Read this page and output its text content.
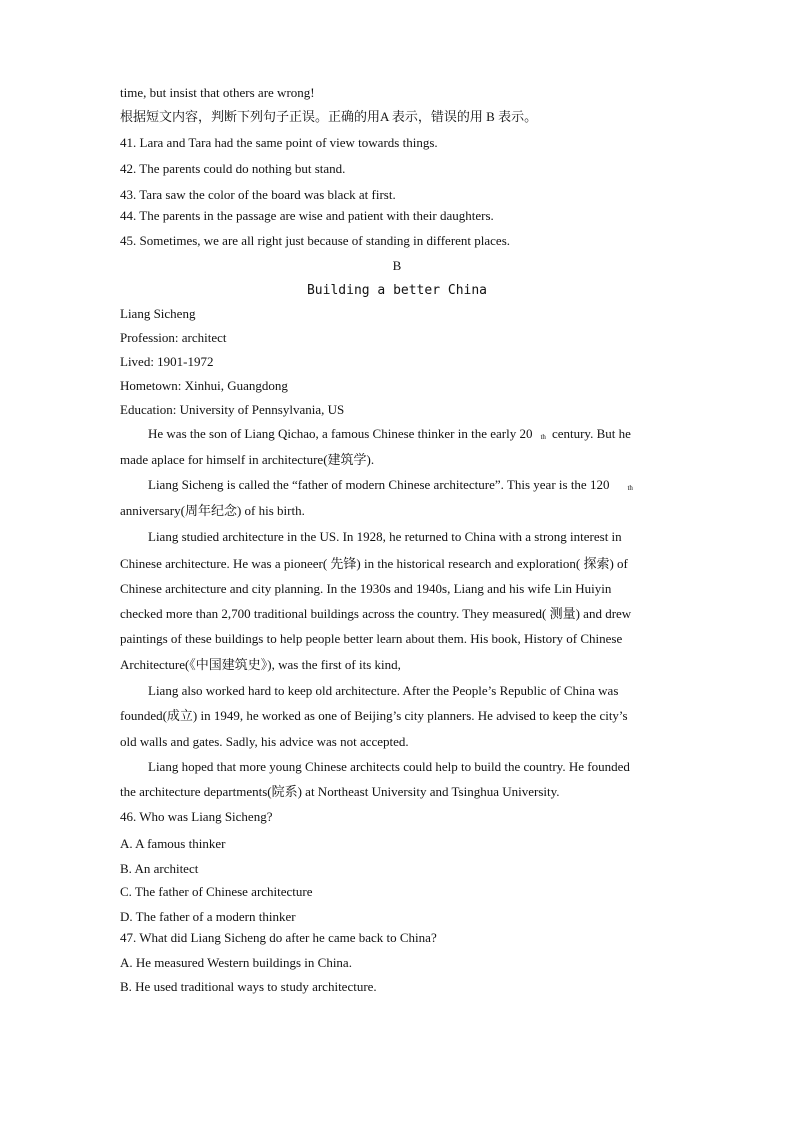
time, but insist that others are wrong!
根据短文内容，判断下列句子正误。正确的用A 表示，错误的用 B 表示。
41. Lara and Tara had the same point of view towards things.
42. The parents could do nothing but stand.
43. Tara saw the color of the board was black at first.
44. The parents in the passage are wise and patient with their daughters.
45. Sometimes, we are all right just because of standing in different places.
B
Building a better China
Liang Sicheng
Profession: architect
Lived: 1901-1972
Hometown: Xinhui, Guangdong
Education: University of Pennsylvania, US
He was the son of Liang Qichao, a famous Chinese thinker in the early 20 $^{th}$ century. But he
made aplace for himself in architecture(建筑学).
Liang Sicheng is called the “father of modern Chinese architecture”. This year is the 120	$^{th}$
anniversary(周年纪念) of his birth.
Liang studied architecture in the US. In 1928, he returned to China with a strong interest in
Chinese architecture. He was a pioneer( 先锋) in the historical research and exploration( 探索) of
Chinese architecture and city planning. In the 1930s and 1940s, Liang and his wife Lin Huiyin
checked more than 2,700 traditional buildings across the country. They measured( 测量) and drew
paintings of these buildings to help people better learn about them. His book, History of Chinese
Architecture(《中国建筑史》), was the first of its kind,
Liang also worked hard to keep old architecture. After the People’s Republic of China was
founded(成立) in 1949, he worked as one of Beijing’s city planners. He advised to keep the city’s
old walls and gates. Sadly, his advice was not accepted.
Liang hoped that more young Chinese architects could help to build the country. He founded
the architecture departments(院系) at Northeast University and Tsinghua University.
46. Who was Liang Sicheng?
A. A famous thinker
B. An architect
C. The father of Chinese architecture
D. The father of a modern thinker
47. What did Liang Sicheng do after he came back to China?
A. He measured Western buildings in China.
B. He used traditional ways to study architecture.
